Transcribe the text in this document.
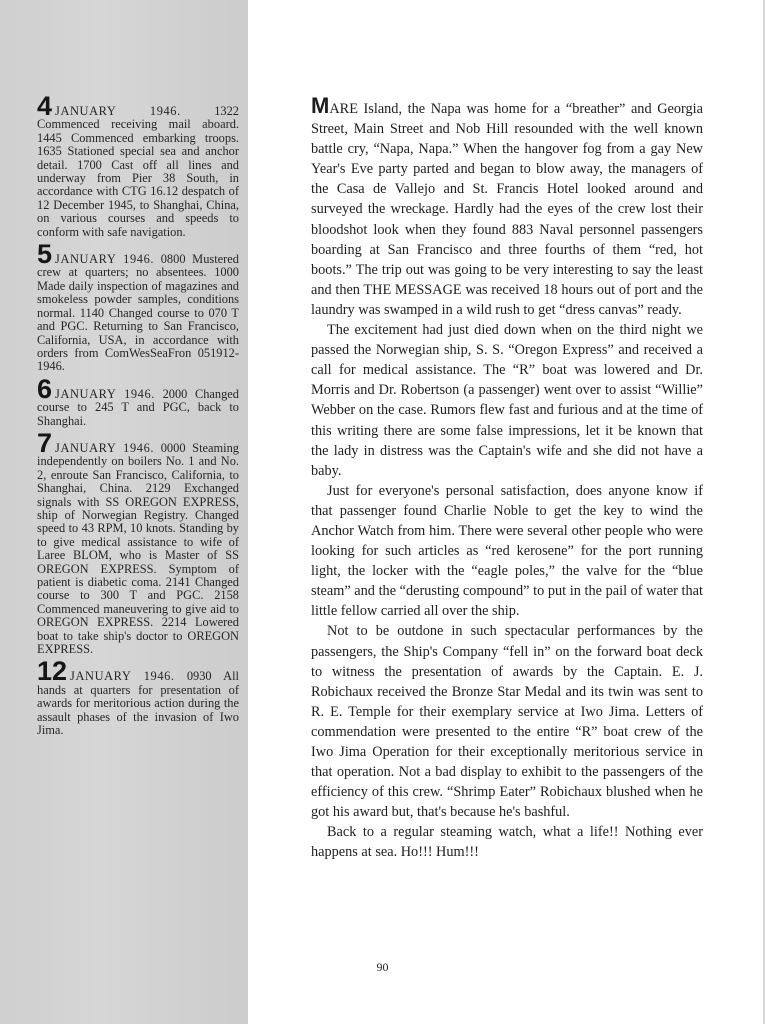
4 JANUARY 1946.	1322 Commenced receiving mail aboard. 1445 Commenced embarking troops. 1635 Stationed special sea and anchor detail. 1700 Cast off all lines and underway from Pier 38 South, in accordance with CTG 16.12 despatch of 12 December 1945, to Shanghai, China, on various courses and speeds to conform with safe navigation.
5 JANUARY 1946. 0800 Mustered crew at quarters; no absentees. 1000 Made daily inspection of magazines and smokeless powder samples, conditions normal. 1140 Changed course to 070 T and PGC. Returning to San Francisco, California, USA, in accordance with orders from ComWesSeaFron 051912-1946.
6 JANUARY 1946. 2000 Changed course to 245 T and PGC, back to Shanghai.
7 JANUARY 1946. 0000 Steaming independently on boilers No. 1 and No. 2, enroute San Francisco, California, to Shanghai, China. 2129 Exchanged signals with SS OREGON EXPRESS, ship of Norwegian Registry. Changed speed to 43 RPM, 10 knots. Standing by to give medical assistance to wife of Laree BLOM, who is Master of SS OREGON EXPRESS. Symptom of patient is diabetic coma. 2141 Changed course to 300 T and PGC. 2158 Commenced maneuvering to give aid to OREGON EXPRESS. 2214 Lowered boat to take ship's doctor to OREGON EXPRESS.
12 JANUARY 1946. 0930 All hands at quarters for presentation of awards for meritorious action during the assault phases of the invasion of Iwo Jima.

MARE Island, the Napa was home for a “breather” and Georgia Street, Main Street and Nob Hill resounded with the well known battle cry, “Napa, Napa.” When the hangover fog from a gay New Year's Eve party parted and began to blow away, the managers of the Casa de Vallejo and St. Francis Hotel looked around and surveyed the wreckage. Hardly had the eyes of the crew lost their bloodshot look when they found 883 Naval personnel passengers boarding at San Francisco and three fourths of them “red, hot boots.” The trip out was going to be very interesting to say the least and then THE MESSAGE was received 18 hours out of port and the laundry was swamped in a wild rush to get “dress canvas” ready.

The excitement had just died down when on the third night we passed the Norwegian ship, S. S. “Oregon Express” and received a call for medical assistance. The “R” boat was lowered and Dr. Morris and Dr. Robertson (a passenger) went over to assist “Willie” Webber on the case. Rumors flew fast and furious and at the time of this writing there are some false impressions, let it be known that the lady in distress was the Captain's wife and she did not have a baby.

Just for everyone's personal satisfaction, does anyone know if that passenger found Charlie Noble to get the key to wind the Anchor Watch from him. There were several other people who were looking for such articles as “red kerosene” for the port running light, the locker with the “eagle poles,” the valve for the “blue steam” and the “derusting compound” to put in the pail of water that little fellow carried all over the ship.

Not to be outdone in such spectacular performances by the passengers, the Ship's Company “fell in” on the forward boat deck to witness the presentation of awards by the Captain. E. J. Robichaux received the Bronze Star Medal and its twin was sent to R. E. Temple for their exemplary service at Iwo Jima. Letters of commendation were presented to the entire “R” boat crew of the Iwo Jima Operation for their exceptionally meritorious service in that operation. Not a bad display to exhibit to the passengers of the efficiency of this crew. “Shrimp Eater” Robichaux blushed when he got his award but, that's because he's bashful.

Back to a regular steaming watch, what a life!! Nothing ever happens at sea. Ho!!! Hum!!!

90
